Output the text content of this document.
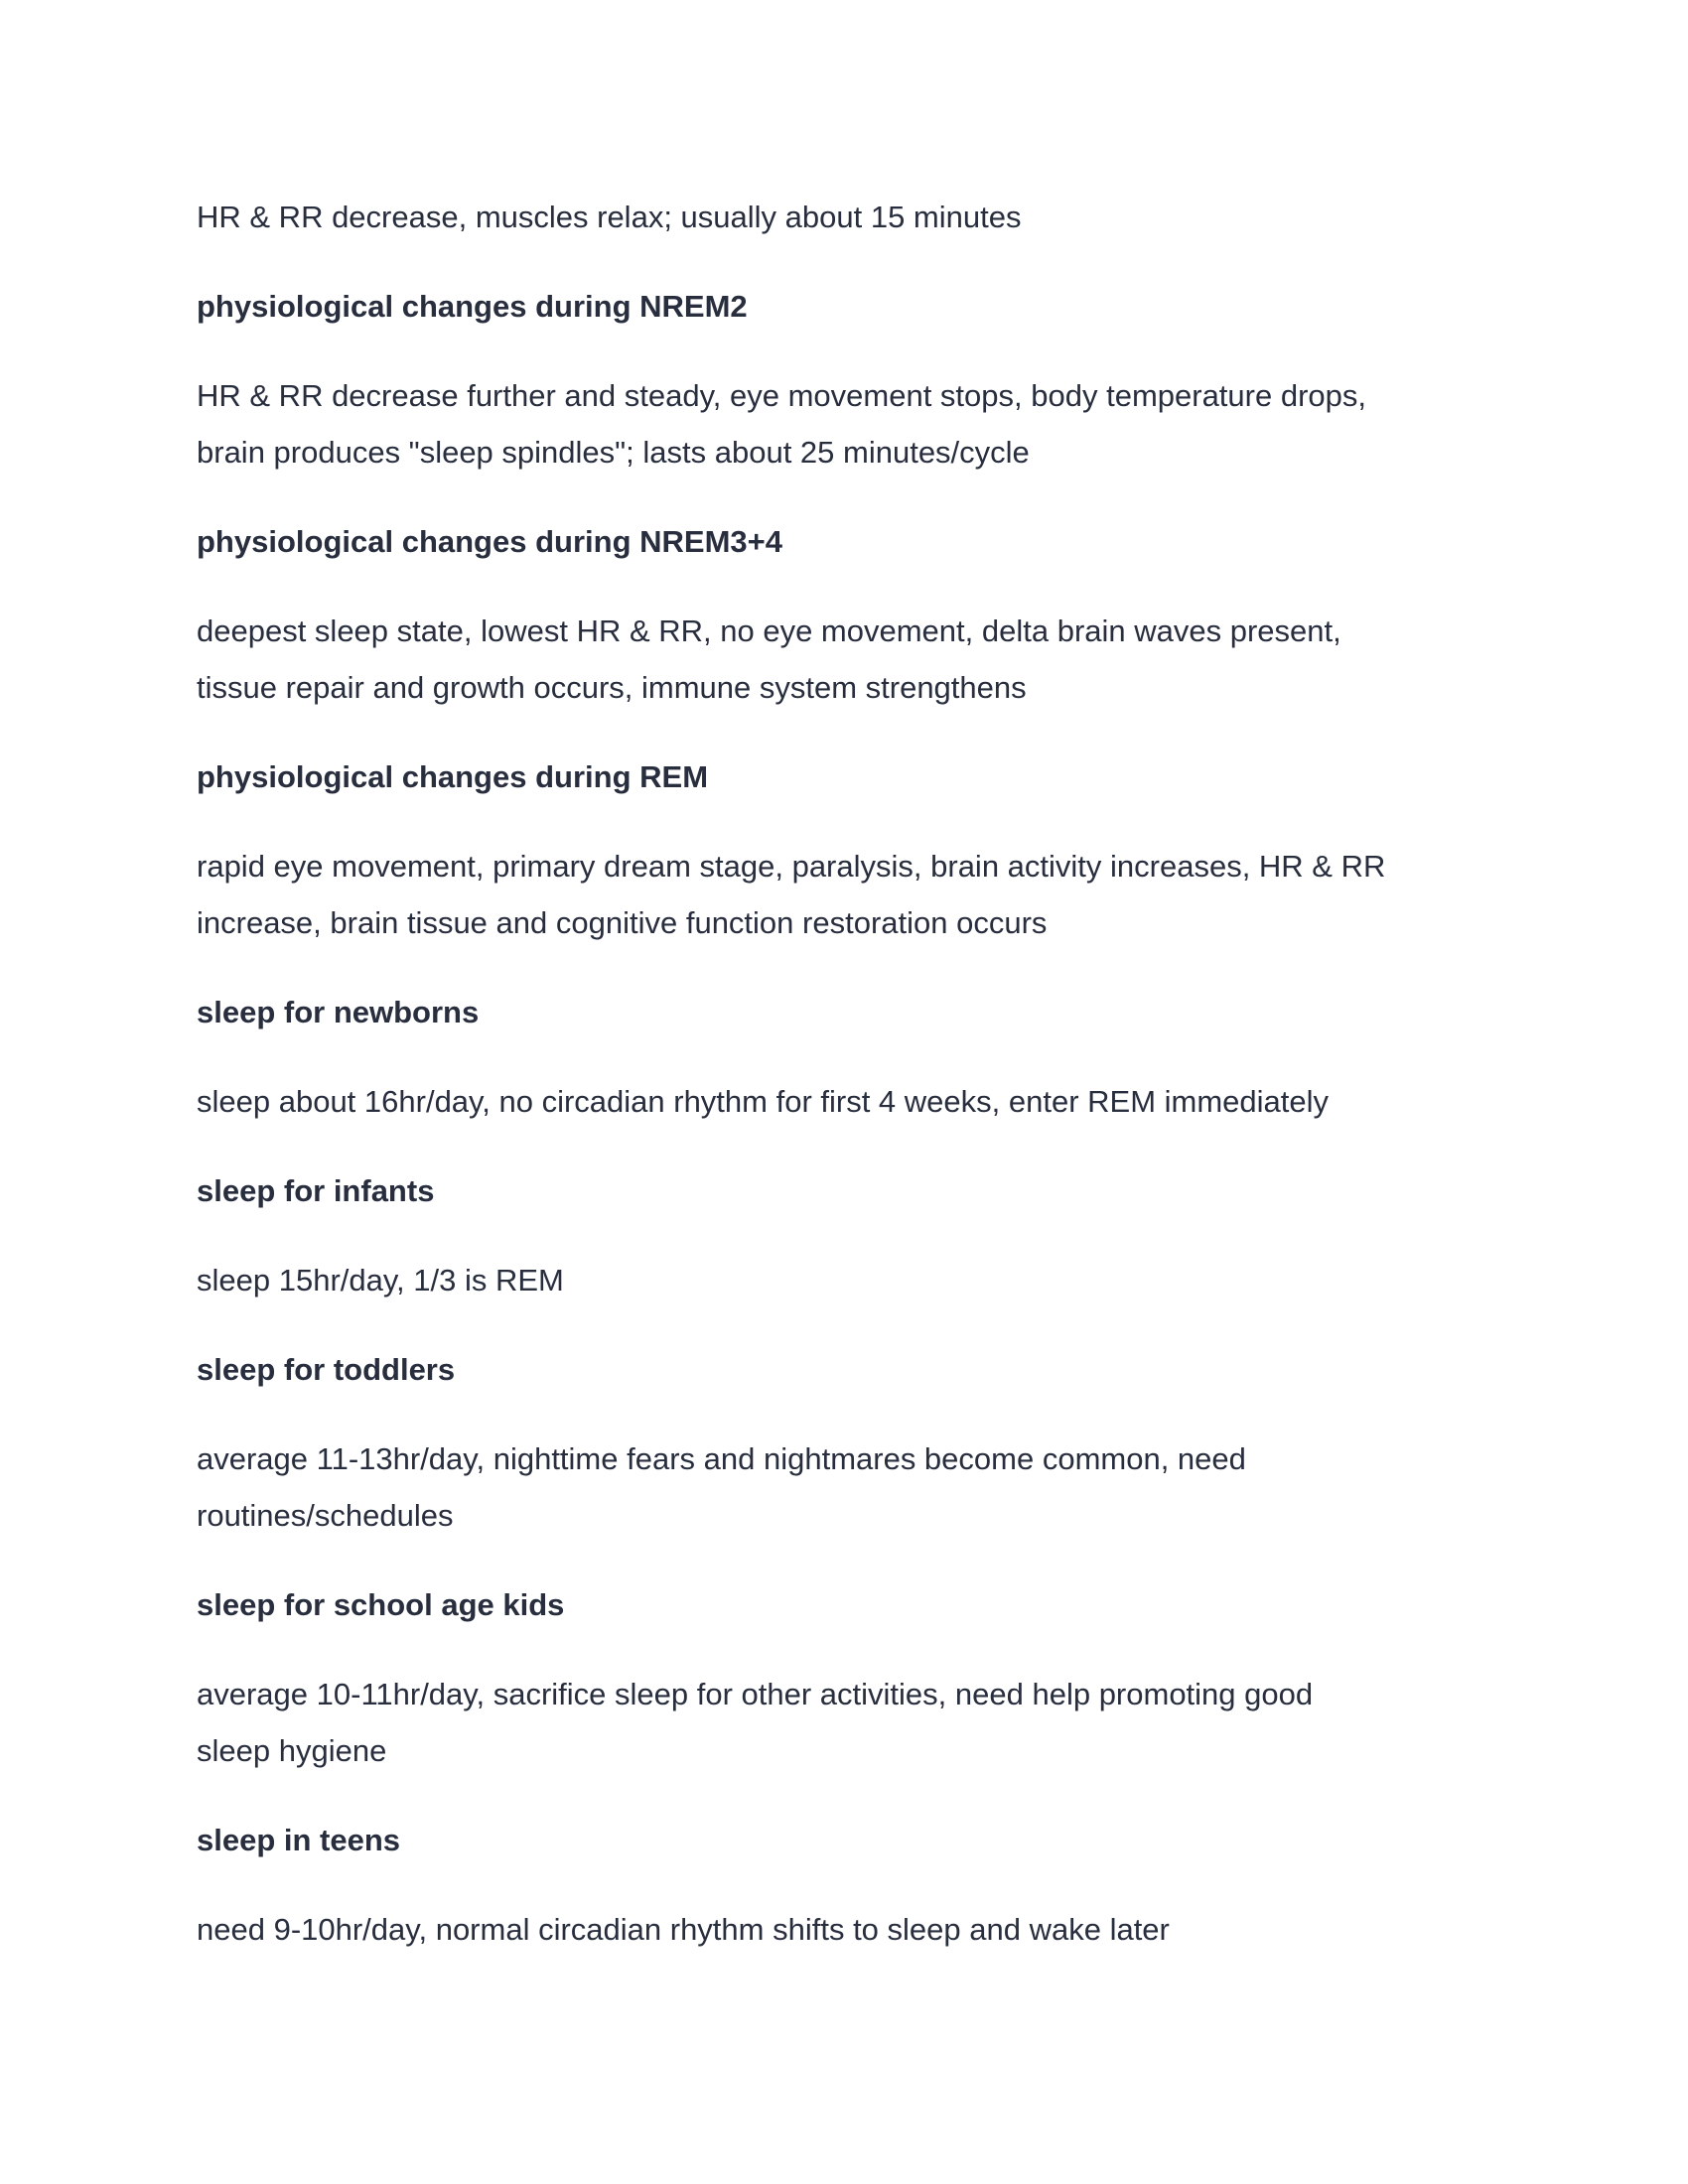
HR & RR decrease, muscles relax; usually about 15 minutes
physiological changes during NREM2
HR & RR decrease further and steady, eye movement stops, body temperature drops,
brain produces "sleep spindles"; lasts about 25 minutes/cycle
physiological changes during NREM3+4
deepest sleep state, lowest HR & RR, no eye movement, delta brain waves present,
tissue repair and growth occurs, immune system strengthens
physiological changes during REM
rapid eye movement, primary dream stage, paralysis, brain activity increases, HR & RR
increase, brain tissue and cognitive function restoration occurs
sleep for newborns
sleep about 16hr/day, no circadian rhythm for first 4 weeks, enter REM immediately
sleep for infants
sleep 15hr/day, 1/3 is REM
sleep for toddlers
average 11-13hr/day, nighttime fears and nightmares become common, need
routines/schedules
sleep for school age kids
average 10-11hr/day, sacrifice sleep for other activities, need help promoting good
sleep hygiene
sleep in teens
need 9-10hr/day, normal circadian rhythm shifts to sleep and wake later
